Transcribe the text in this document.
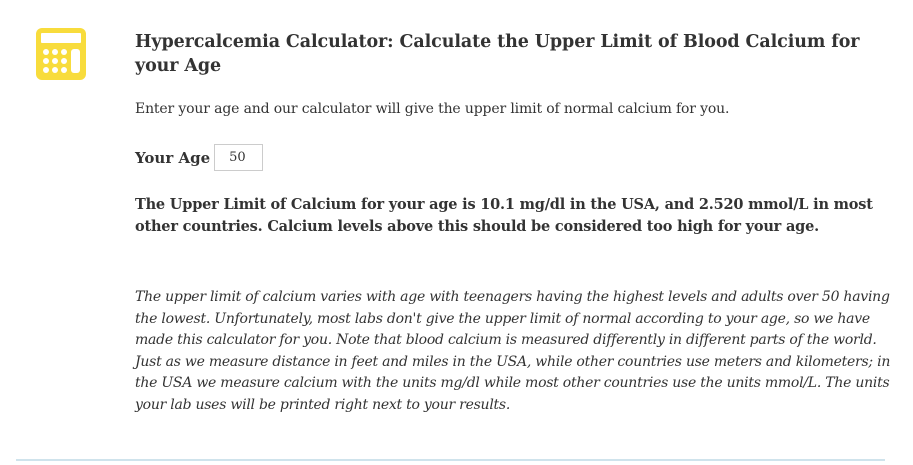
Hypercalcemia Calculator: Calculate the Upper Limit of Blood Calcium for your Age

Enter your age and our calculator will give the upper limit of normal calcium for you.

Your Age
50

The Upper Limit of Calcium for your age is 10.1 mg/dl in the USA, and 2.520 mmol/L in most other countries. Calcium levels above this should be considered too high for your age.

The upper limit of calcium varies with age with teenagers having the highest levels and adults over 50 having the lowest. Unfortunately, most labs don't give the upper limit of normal according to your age, so we have made this calculator for you. Note that blood calcium is measured differently in different parts of the world. Just as we measure distance in feet and miles in the USA, while other countries use meters and kilometers; in the USA we measure calcium with the units mg/dl while most other countries use the units mmol/L. The units your lab uses will be printed right next to your results.
